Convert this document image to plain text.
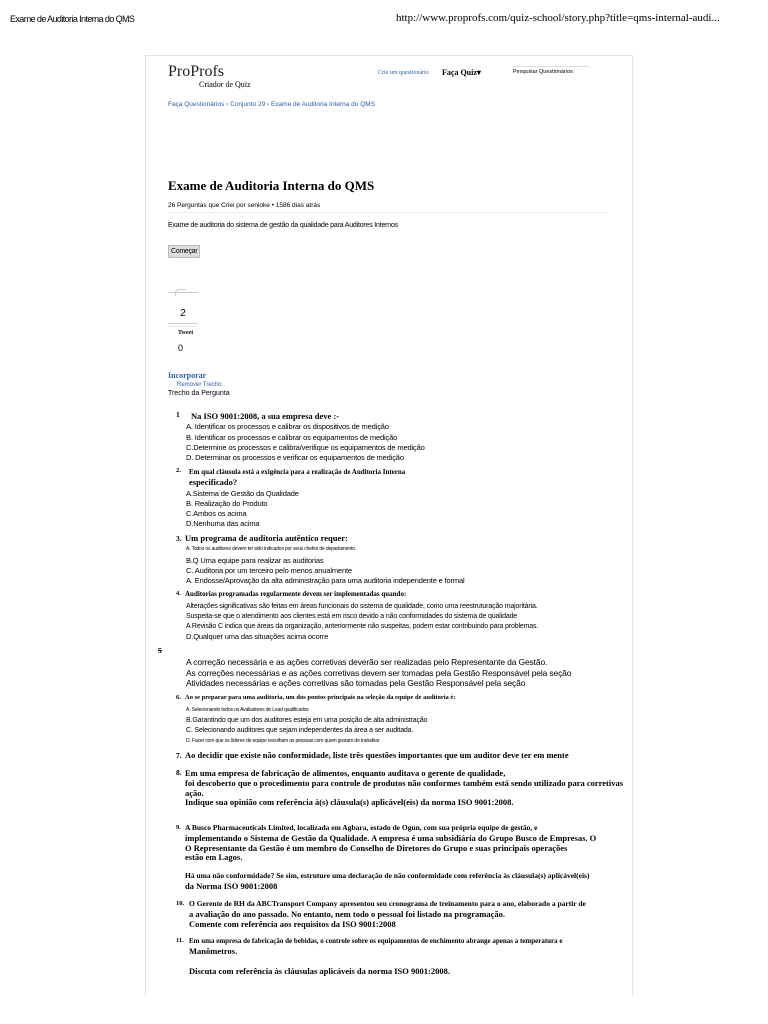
Exame de Auditoria Interna do QMS	http://www.proprofs.com/quiz-school/story.php?title=qms-internal-audi...
ProProfs
Criador de Quiz
Crie um questionário Faça Quiz▾	Pesquisar Questionários
Faça Questionários › Conjunto 29 › Exame de Auditoria Interna do QMS
Exame de Auditoria Interna do QMS
26 Perguntas que Criei por senioke • 1586 dias atrás
Exame de auditoria do sistema de gestão da qualidade para Auditores Internos
Começar
2
Tweet
0
Incorporar
Remover Trecho
Trecho da Pergunta
1 Na ISO 9001:2008, a sua empresa deve :-
A. Identificar os processos e calibrar os dispositivos de medição
B. Identificar os processos e calibrar os equipamentos de medição
C.Determine os processos e calibra/verifique os equipamentos de medição
D. Determinar os processos e verificar os equipamentos de medição
2. Em qual cláusula está a exigência para a realização de Auditoria Interna
especificado?
A.Sistema de Gestão da Qualidade
B. Realização do Produto
C.Ambos os acima
D.Nenhuma das acima
3. Um programa de auditoria autêntico requer:
A. Todos os auditores devem ter sido indicados por seus chefes de departamento.
B.Q Uma equipe para realizar as auditorias
C. Auditoria por um terceiro pelo menos anualmente
A. Endosse/Aprovação da alta administração para uma auditoria independente e formal
4. Auditorias programadas regularmente devem ser implementadas quando:
Alterações significativas são feitas em áreas funcionais do sistema de qualidade, como uma reestruturação majoritária.
Suspeita-se que o atendimento aos clientes está em risco devido a não conformidades do sistema de qualidade
A Revisão C indica que áreas da organização, anteriormente não suspeitas, podem estar contribuindo para problemas.
D.Qualquer uma das situações acima ocorre
5
A correção necessária e as ações corretivas deverão ser realizadas pelo Representante da Gestão.
As correções necessárias e as ações corretivas devem ser tomadas pela Gestão Responsável pela seção
Atividades necessárias e ações corretivas são tomadas pela Gestão Responsável pela seção
6. Ao se preparar para uma auditoria, um dos pontos principais na seleção da equipe de auditoria é:
A. Selecionando todos os Avaliadores de Lead qualificados
B.Garantindo que um dos auditores esteja em uma posição de alta administração
C. Selecionando auditores que sejam independentes da área a ser auditada.
D. Fazer com que os líderes de equipe escolham as pessoas com quem gostam de trabalhar
7. Ao decidir que existe não conformidade, liste três questões importantes que um auditor deve ter em mente
8. Em uma empresa de fabricação de alimentos, enquanto auditava o gerente de qualidade,
foi descoberto que o procedimento para controle de produtos não conformes também está sendo utilizado para corretivas
ação.
Indique sua opinião com referência à(s) cláusula(s) aplicável(eis) da norma ISO 9001:2008.
9. A Busco Pharmaceuticals Limited, localizada em Agbara, estado de Ogun, com sua própria equipe de gestão, e
implementando o Sistema de Gestão da Qualidade. A empresa é uma subsidiária do Grupo Busco de Empresas. O
O Representante da Gestão é um membro do Conselho de Diretores do Grupo e suas principais operações
estão em Lagos.
Há uma não conformidade? Se sim, estruture uma declaração de não conformidade com referência às cláusula(s) aplicável(eis)
da Norma ISO 9001:2008
10. O Gerente de RH da ABCTransport Company apresentou seu cronograma de treinamento para o ano, elaborado a partir de
a avaliação do ano passado. No entanto, nem todo o pessoal foi listado na programação.
Comente com referência aos requisitos da ISO 9001:2008
11. Em uma empresa de fabricação de bebidas, o controle sobre os equipamentos de enchimento abrange apenas a temperatura e
Manômetros.
Discuta com referência às cláusulas aplicáveis da norma ISO 9001:2008.
